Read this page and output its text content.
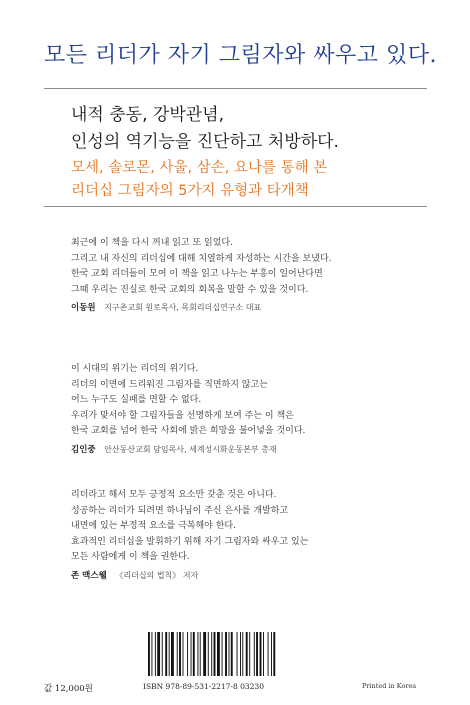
모든 리더가 자기 그림자와 싸우고 있다.
내적 충동, 강박관념,
인성의 역기능을 진단하고 처방하다.
모세, 솔로몬, 사울, 삼손, 요나를 통해 본
리더십 그림자의 5가지 유형과 타개책
최근에 이 책을 다시 꺼내 읽고 또 읽었다.
그리고 내 자신의 리더십에 대해 치열하게 자성하는 시간을 보냈다.
한국 교회 리더들이 모여 이 책을 읽고 나누는 부흥이 일어난다면
그때 우리는 진실로 한국 교회의 회복을 말할 수 있을 것이다.
이동원 지구촌교회 원로목사, 목회리더십연구소 대표
이 시대의 위기는 리더의 위기다.
리더의 이면에 드리워진 그림자를 직면하지 않고는
어느 누구도 실패를 면할 수 없다.
우리가 맞서야 할 그림자들을 선명하게 보여 주는 이 책은
한국 교회를 넘어 한국 사회에 밝은 희망을 불어넣을 것이다.
김인중 안산동산교회 담임목사, 세계성시화운동본부 총재
리더라고 해서 모두 긍정적 요소만 갖춘 것은 아니다.
성공하는 리더가 되려면 하나님이 주신 은사를 개발하고
내면에 있는 부정적 요소를 극복해야 한다.
효과적인 리더십을 발휘하기 위해 자기 그림자와 싸우고 있는
모든 사람에게 이 책을 권한다.
존 맥스웰 《리더십의 법칙》 저자
값 12,000원	ISBN 978-89-531-2217-8 03230	Printed in Korea
